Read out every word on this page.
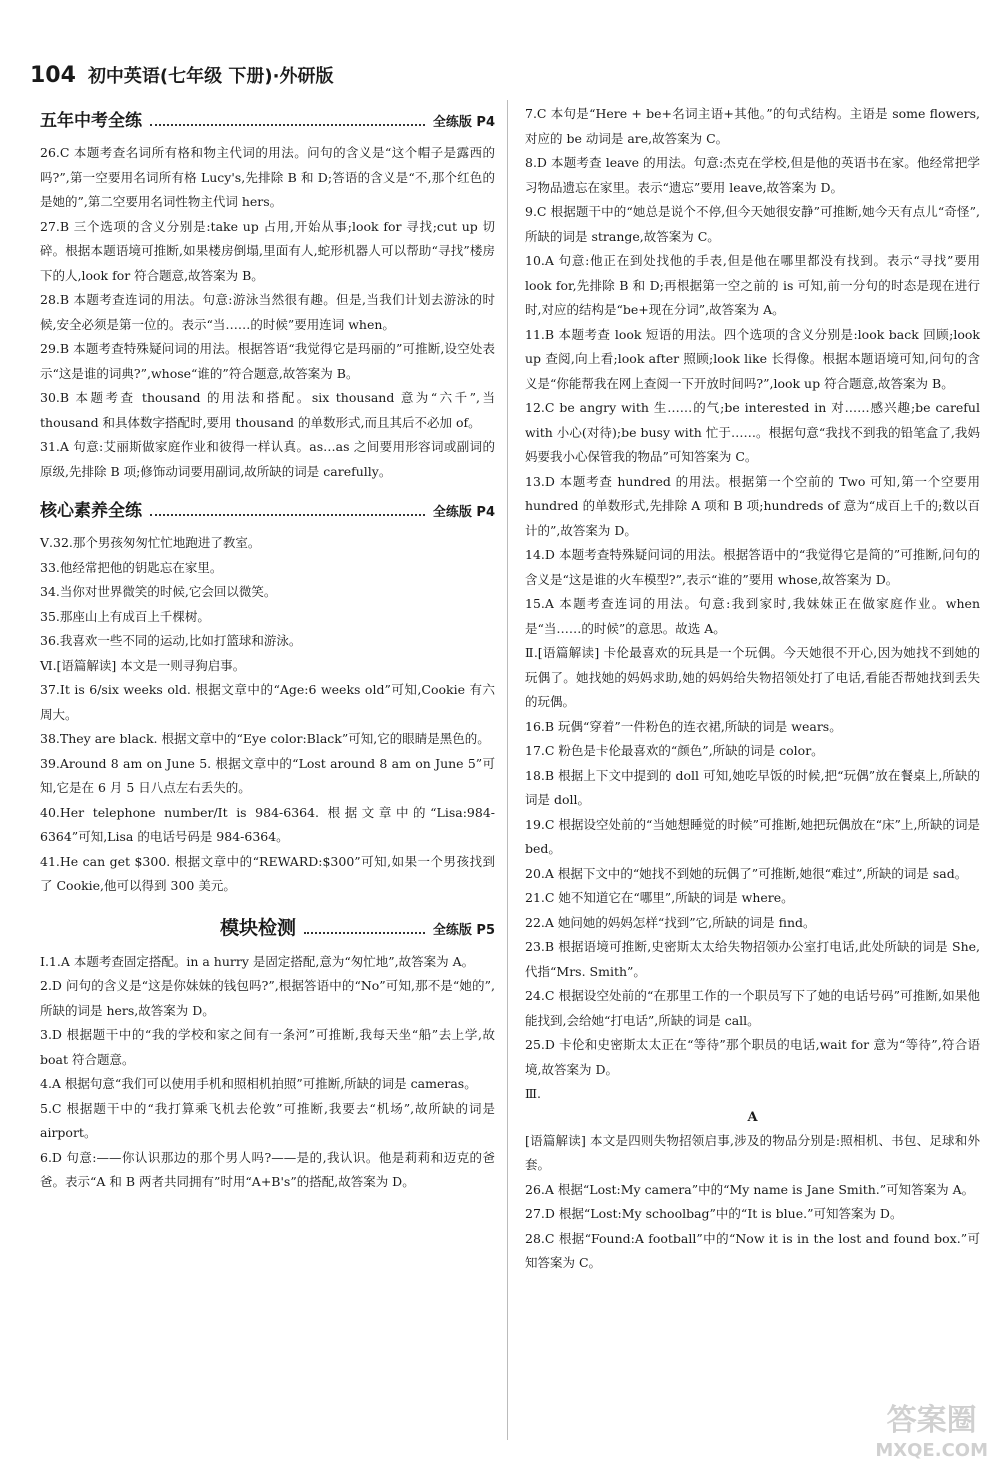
104 初中英语(七年级 下册)·外研版
五年中考全练	全练版 P4

26.C 本题考查名词所有格和物主代词的用法。问句的含义是“这个帽子是露西的吗?”,第一空要用名词所有格 Lucy's,先排除 B 和 D;答语的含义是“不,那个红色的是她的”,第二空要用名词性物主代词 hers。

27.B 三个选项的含义分别是:take up 占用,开始从事;look for 寻找;cut up 切碎。根据本题语境可推断,如果楼房倒塌,里面有人,蛇形机器人可以帮助“寻找”楼房下的人,look for 符合题意,故答案为 B。

28.B 本题考查连词的用法。句意:游泳当然很有趣。但是,当我们计划去游泳的时候,安全必须是第一位的。表示“当……的时候”要用连词 when。

29.B 本题考查特殊疑问词的用法。根据答语“我觉得它是玛丽的”可推断,设空处表示“这是谁的词典?”,whose“谁的”符合题意,故答案为 B。

30.B 本题考查 thousand 的用法和搭配。six thousand 意为“六千”,当 thousand 和具体数字搭配时,要用 thousand 的单数形式,而且其后不必加 of。

31.A 句意:艾丽斯做家庭作业和彼得一样认真。as…as 之间要用形容词或副词的原级,先排除 B 项;修饰动词要用副词,故所缺的词是 carefully。

核心素养全练	全练版 P4

Ⅴ.32.那个男孩匆匆忙忙地跑进了教室。

33.他经常把他的钥匙忘在家里。

34.当你对世界微笑的时候,它会回以微笑。

35.那座山上有成百上千棵树。

36.我喜欢一些不同的运动,比如打篮球和游泳。

Ⅵ.[语篇解读] 本文是一则寻狗启事。

37.It is 6/six weeks old. 根据文章中的“Age:6 weeks old”可知,Cookie 有六周大。

38.They are black. 根据文章中的“Eye color:Black”可知,它的眼睛是黑色的。

39.Around 8 am on June 5. 根据文章中的“Lost around 8 am on June 5”可知,它是在 6 月 5 日八点左右丢失的。

40.Her telephone number/It is 984-6364. 根据文章中的“Lisa:984-6364”可知,Lisa 的电话号码是 984-6364。

41.He can get $300. 根据文章中的“REWARD:$300”可知,如果一个男孩找到了 Cookie,他可以得到 300 美元。

模块检测	全练版 P5

Ⅰ.1.A 本题考查固定搭配。in a hurry 是固定搭配,意为“匆忙地”,故答案为 A。

2.D 问句的含义是“这是你妹妹的钱包吗?”,根据答语中的“No”可知,那不是“她的”,所缺的词是 hers,故答案为 D。

3.D 根据题干中的“我的学校和家之间有一条河”可推断,我每天坐“船”去上学,故 boat 符合题意。

4.A 根据句意“我们可以使用手机和照相机拍照”可推断,所缺的词是 cameras。

5.C 根据题干中的“我打算乘飞机去伦敦”可推断,我要去“机场”,故所缺的词是 airport。

6.D 句意:——你认识那边的那个男人吗?——是的,我认识。他是莉莉和迈克的爸爸。表示“A 和 B 两者共同拥有”时用“A+B's”的搭配,故答案为 D。

7.C 本句是“Here + be+名词主语+其他。”的句式结构。主语是 some flowers,对应的 be 动词是 are,故答案为 C。

8.D 本题考查 leave 的用法。句意:杰克在学校,但是他的英语书在家。他经常把学习物品遗忘在家里。表示“遗忘”要用 leave,故答案为 D。

9.C 根据题干中的“她总是说个不停,但今天她很安静”可推断,她今天有点儿“奇怪”,所缺的词是 strange,故答案为 C。

10.A 句意:他正在到处找他的手表,但是他在哪里都没有找到。表示“寻找”要用 look for,先排除 B 和 D;再根据第一空之前的 is 可知,前一分句的时态是现在进行时,对应的结构是“be+现在分词”,故答案为 A。

11.B 本题考查 look 短语的用法。四个选项的含义分别是:look back 回顾;look up 查阅,向上看;look after 照顾;look like 长得像。根据本题语境可知,问句的含义是“你能帮我在网上查阅一下开放时间吗?”,look up 符合题意,故答案为 B。

12.C be angry with 生……的气;be interested in 对……感兴趣;be careful with 小心(对待);be busy with 忙于……。根据句意“我找不到我的铅笔盒了,我妈妈要我小心保管我的物品”可知答案为 C。

13.D 本题考查 hundred 的用法。根据第一个空前的 Two 可知,第一个空要用 hundred 的单数形式,先排除 A 项和 B 项;hundreds of 意为“成百上千的;数以百计的”,故答案为 D。

14.D 本题考查特殊疑问词的用法。根据答语中的“我觉得它是简的”可推断,问句的含义是“这是谁的火车模型?”,表示“谁的”要用 whose,故答案为 D。

15.A 本题考查连词的用法。句意:我到家时,我妹妹正在做家庭作业。when 是“当……的时候”的意思。故选 A。

Ⅱ.[语篇解读] 卡伦最喜欢的玩具是一个玩偶。今天她很不开心,因为她找不到她的玩偶了。她找她的妈妈求助,她的妈妈给失物招领处打了电话,看能否帮她找到丢失的玩偶。

16.B 玩偶“穿着”一件粉色的连衣裙,所缺的词是 wears。

17.C 粉色是卡伦最喜欢的“颜色”,所缺的词是 color。

18.B 根据上下文中提到的 doll 可知,她吃早饭的时候,把“玩偶”放在餐桌上,所缺的词是 doll。

19.C 根据设空处前的“当她想睡觉的时候”可推断,她把玩偶放在“床”上,所缺的词是 bed。

20.A 根据下文中的“她找不到她的玩偶了”可推断,她很“难过”,所缺的词是 sad。

21.C 她不知道它在“哪里”,所缺的词是 where。

22.A 她问她的妈妈怎样“找到”它,所缺的词是 find。

23.B 根据语境可推断,史密斯太太给失物招领办公室打电话,此处所缺的词是 She,代指“Mrs. Smith”。

24.C 根据设空处前的“在那里工作的一个职员写下了她的电话号码”可推断,如果他能找到,会给她“打电话”,所缺的词是 call。

25.D 卡伦和史密斯太太正在“等待”那个职员的电话,wait for 意为“等待”,符合语境,故答案为 D。

Ⅲ.

A

[语篇解读] 本文是四则失物招领启事,涉及的物品分别是:照相机、书包、足球和外套。

26.A 根据“Lost:My camera”中的“My name is Jane Smith.”可知答案为 A。

27.D 根据“Lost:My schoolbag”中的“It is blue.”可知答案为 D。

28.C 根据“Found:A football”中的“Now it is in the lost and found box.”可知答案为 C。

答案圈
MXQE.COM
